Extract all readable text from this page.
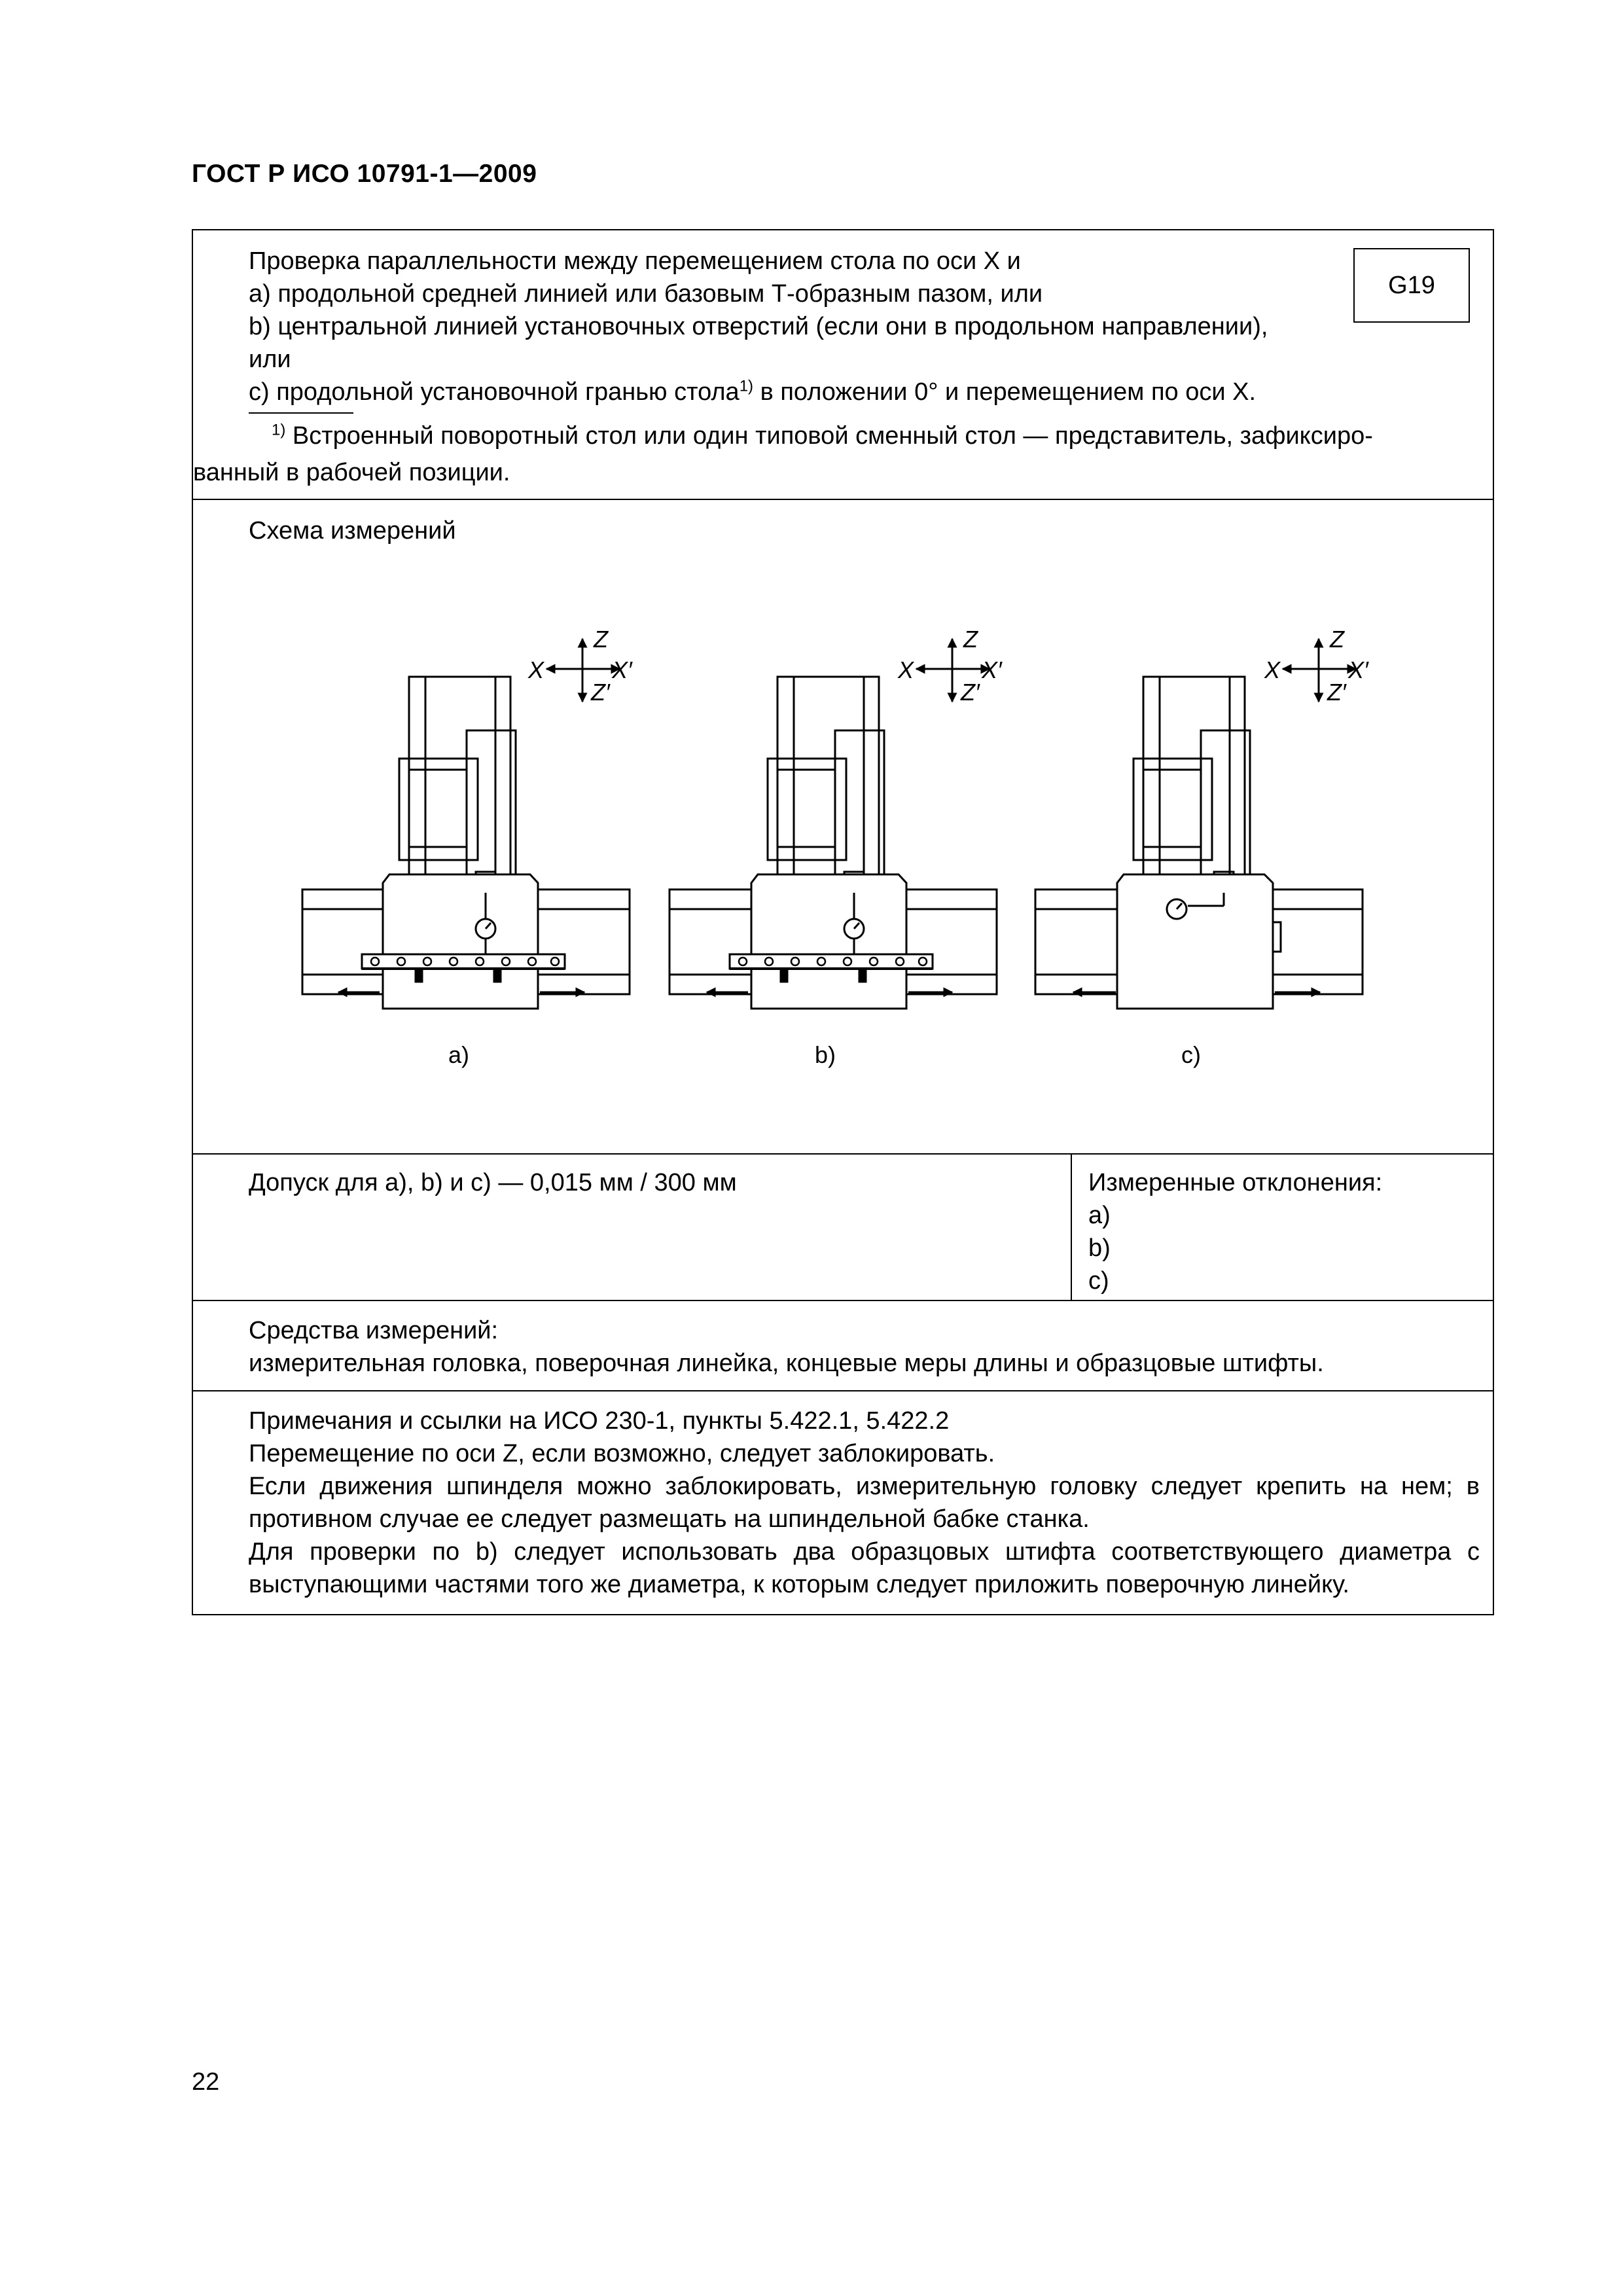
ГОСТ Р ИСО 10791-1—2009
Проверка параллельности между перемещением стола по оси X и
а) продольной средней линией или базовым Т-образным пазом, или
b) центральной линией установочных отверстий (если они в продольном направлении),
или
с) продольной установочной гранью стола$^{1)}$ в положении 0° и перемещением по оси X.
G19
$^{1)}$ Встроенный поворотный стол или один типовой сменный стол — представитель, зафиксиро-
ванный в рабочей позиции.
Схема измерений
X
Z
X′
Z′
X
Z
X′
Z′
X
Z
X′
Z′
а)	b)	c)
Допуск для а), b) и с) — 0,015 мм / 300 мм	Измеренные отклонения:
а)
b)
с)
Средства измерений:
измерительная головка, поверочная линейка, концевые меры длины и образцовые штифты.
Примечания и ссылки на ИСО 230-1, пункты 5.422.1, 5.422.2
Перемещение по оси Z, если возможно, следует заблокировать.
Если движения шпинделя можно заблокировать, измерительную головку следует крепить на нем; в противном случае ее следует размещать на шпиндельной бабке станка.
Для проверки по b) следует использовать два образцовых штифта соответствующего диаметра с выступающими частями того же диаметра, к которым следует приложить поверочную линейку.
22
